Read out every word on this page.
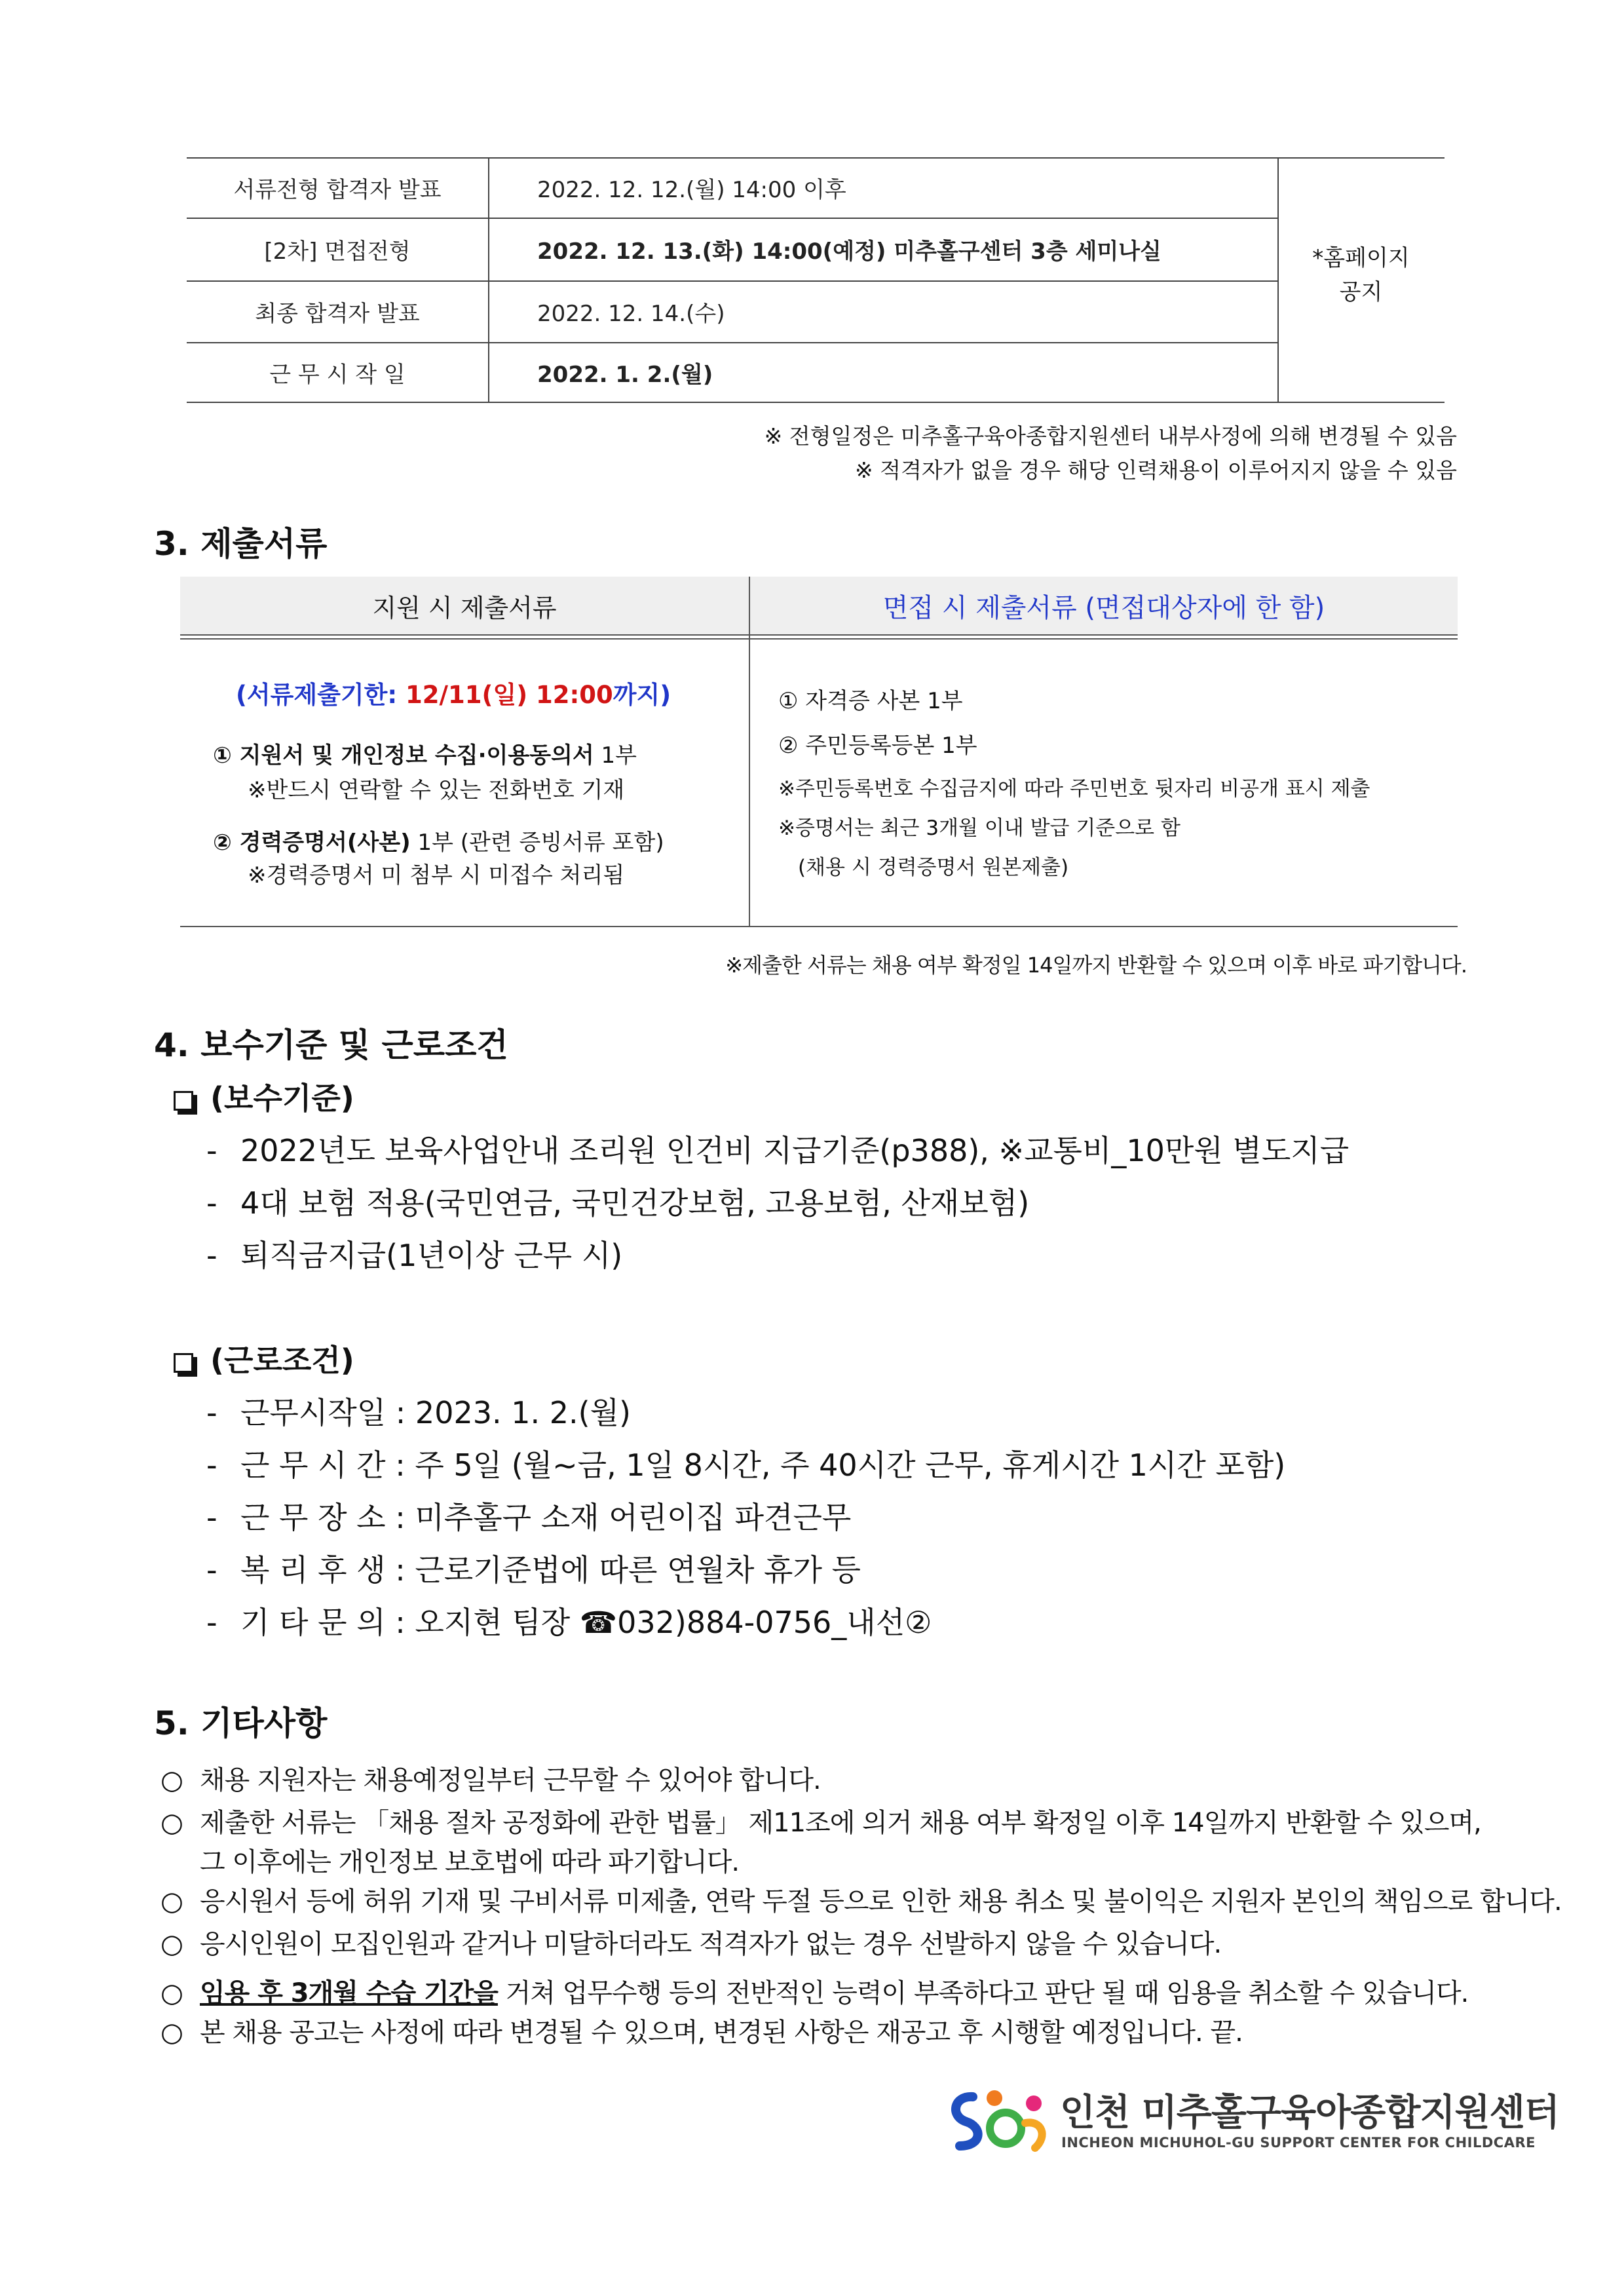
서류전형 합격자 발표	2022. 12. 12.(월) 14:00 이후
[2차] 면접전형	2022. 12. 13.(화) 14:00(예정) 미추홀구센터 3층 세미나실
최종 합격자 발표	2022. 12. 14.(수)
근 무 시 작 일	2022. 1. 2.(월)
*홈페이지
공지
※ 전형일정은 미추홀구육아종합지원센터 내부사정에 의해 변경될 수 있음
※ 적격자가 없을 경우 해당 인력채용이 이루어지지 않을 수 있음
3. 제출서류
지원 시 제출서류	면접 시 제출서류 (면접대상자에 한 함)
(서류제출기한: 12/11(일) 12:00까지)
① 지원서 및 개인정보 수집·이용동의서 1부
※반드시 연락할 수 있는 전화번호 기재
② 경력증명서(사본) 1부 (관련 증빙서류 포함)
※경력증명서 미 첨부 시 미접수 처리됨
① 자격증 사본 1부
② 주민등록등본 1부
※주민등록번호 수집금지에 따라 주민번호 뒷자리 비공개 표시 제출
※증명서는 최근 3개월 이내 발급 기준으로 함
(채용 시 경력증명서 원본제출)
※제출한 서류는 채용 여부 확정일 14일까지 반환할 수 있으며 이후 바로 파기합니다.
4. 보수기준 및 근로조건
(보수기준)
- 2022년도 보육사업안내 조리원 인건비 지급기준(p388), ※교통비_10만원 별도지급
- 4대 보험 적용(국민연금, 국민건강보험, 고용보험, 산재보험)
- 퇴직금지급(1년이상 근무 시)
(근로조건)
- 근무시작일 : 2023. 1. 2.(월)
- 근 무 시 간 : 주 5일 (월~금, 1일 8시간, 주 40시간 근무, 휴게시간 1시간 포함)
- 근 무 장 소 : 미추홀구 소재 어린이집 파견근무
- 복 리 후 생 : 근로기준법에 따른 연월차 휴가 등
- 기 타 문 의 : 오지현 팀장 ☎032)884-0756_내선②
5. 기타사항
○ 채용 지원자는 채용예정일부터 근무할 수 있어야 합니다.
○ 제출한 서류는 「채용 절차 공정화에 관한 법률」 제11조에 의거 채용 여부 확정일 이후 14일까지 반환할 수 있으며,
그 이후에는 개인정보 보호법에 따라 파기합니다.
○ 응시원서 등에 허위 기재 및 구비서류 미제출, 연락 두절 등으로 인한 채용 취소 및 불이익은 지원자 본인의 책임으로 합니다.
○ 응시인원이 모집인원과 같거나 미달하더라도 적격자가 없는 경우 선발하지 않을 수 있습니다.
○ 임용 후 3개월 수습 기간을 거쳐 업무수행 등의 전반적인 능력이 부족하다고 판단 될 때 임용을 취소할 수 있습니다.
○ 본 채용 공고는 사정에 따라 변경될 수 있으며, 변경된 사항은 재공고 후 시행할 예정입니다. 끝.
인천 미추홀구육아종합지원센터
INCHEON MICHUHOL-GU SUPPORT CENTER FOR CHILDCARE
